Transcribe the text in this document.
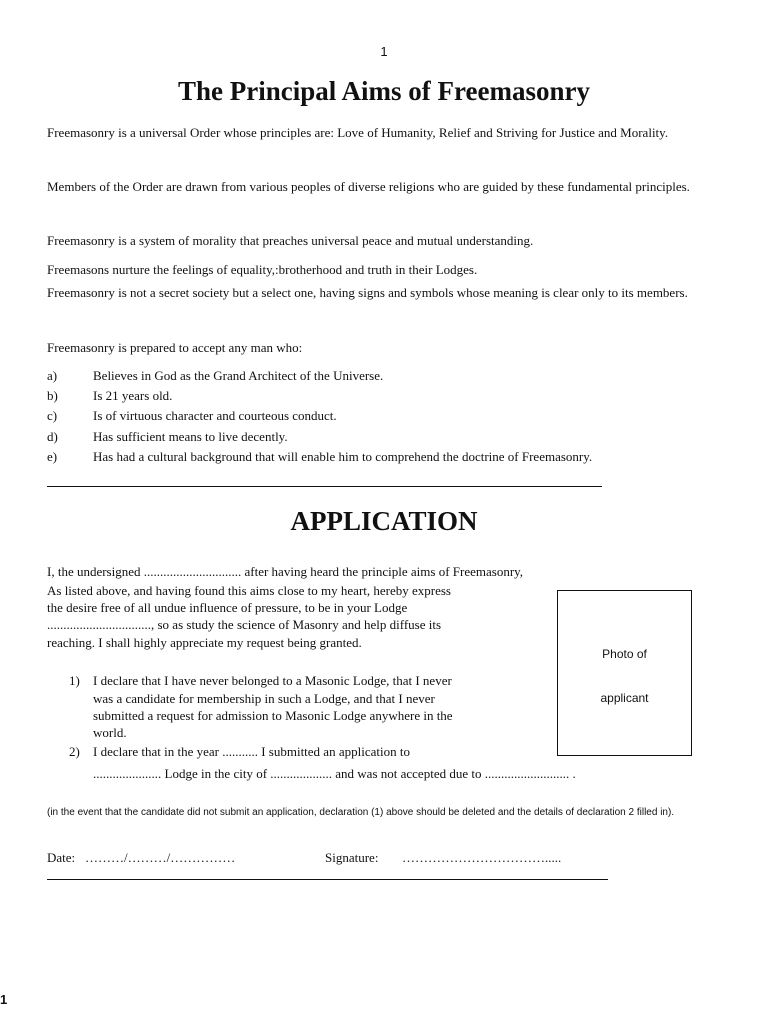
1
The Principal Aims of Freemasonry
Freemasonry is a universal Order whose principles are: Love of Humanity, Relief and Striving for Justice and Morality.
Members of the Order are drawn from various peoples of diverse religions who are guided by these fundamental principles.
Freemasonry is a system of morality that preaches universal peace and mutual understanding.
Freemasons nurture the feelings of equality,:brotherhood and truth in their Lodges.
Freemasonry is not a secret society but a select one, having signs and symbols whose meaning is clear only to its members.
Freemasonry is prepared to accept any man who:
a)	Believes in God as the Grand Architect of the Universe.
b)	Is 21 years old.
c)	Is of virtuous character and courteous conduct.
d)	Has sufficient means to live decently.
e)	Has had a cultural background that will enable him to comprehend the doctrine of Freemasonry.
APPLICATION
I, the undersigned .............................. after having heard the principle aims of Freemasonry,
As listed above, and having found this aims close to my heart, hereby express
the desire free of all undue influence of pressure, to be in your Lodge
................................, so as study the science of Masonry and help diffuse its
reaching. I shall highly appreciate my request being granted.
Photo of
applicant
1) I declare that I have never belonged to a Masonic Lodge, that I never
was a candidate for membership in such a Lodge, and that I never
submitted a request for admission to Masonic Lodge anywhere in the
world.
2) I declare that in the year ........... I submitted an application to
..................... Lodge in the city of ................... and was not accepted due to .......................... .
(in the event that the candidate did not submit an application, declaration (1) above should be deleted and the details of declaration 2 filled in).
Date: ………/………/……………	Signature: …………………………….....
1
